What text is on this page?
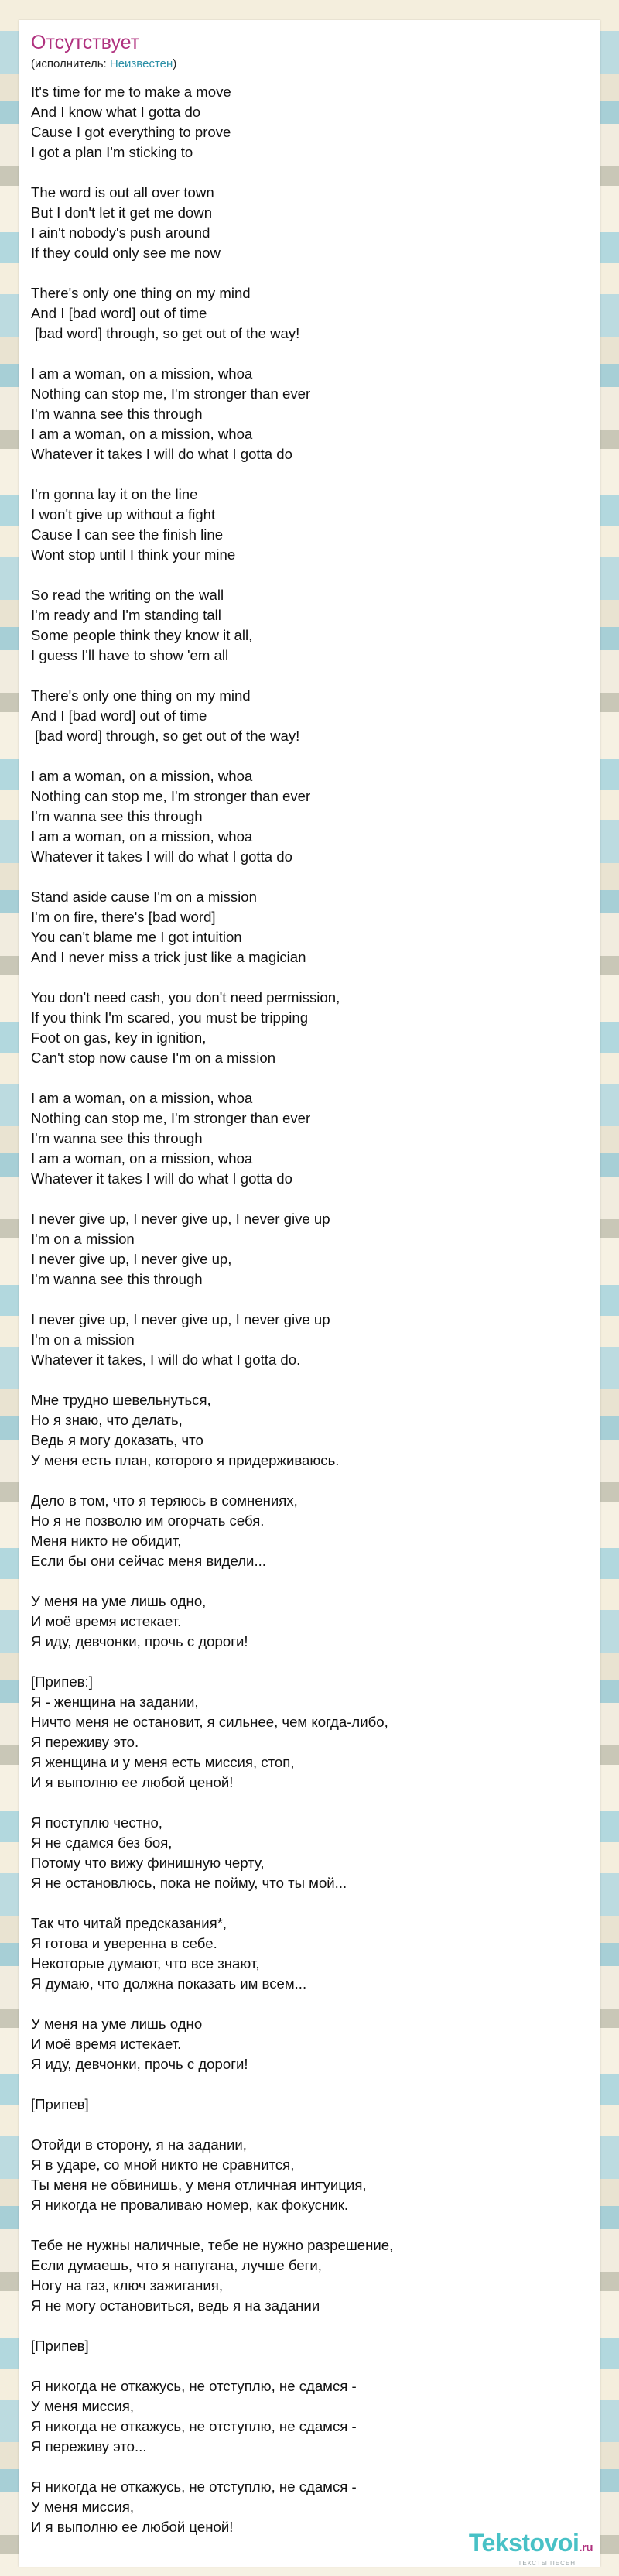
Отсутствует
(исполнитель: Неизвестен)
It's time for me to make a move
And I know what I gotta do
Cause I got everything to prove
I got a plan I'm sticking to
The word is out all over town
But I don't let it get me down
I ain't nobody's push around
If they could only see me now
There's only one thing on my mind
And I [bad word] out of time
[bad word] through, so get out of the way!
I am a woman, on a mission, whoa
Nothing can stop me, I'm stronger than ever
I'm wanna see this through
I am a woman, on a mission, whoa
Whatever it takes I will do what I gotta do
I'm gonna lay it on the line
I won't give up without a fight
Cause I can see the finish line
Wont stop until I think your mine
So read the writing on the wall
I'm ready and I'm standing tall
Some people think they know it all,
I guess I'll have to show 'em all
There's only one thing on my mind
And I [bad word] out of time
[bad word] through, so get out of the way!
I am a woman, on a mission, whoa
Nothing can stop me, I'm stronger than ever
I'm wanna see this through
I am a woman, on a mission, whoa
Whatever it takes I will do what I gotta do
Stand aside cause I'm on a mission
I'm on fire, there's [bad word]
You can't blame me I got intuition
And I never miss a trick just like a magician
You don't need cash, you don't need permission,
If you think I'm scared, you must be tripping
Foot on gas, key in ignition,
Can't stop now cause I'm on a mission
I am a woman, on a mission, whoa
Nothing can stop me, I'm stronger than ever
I'm wanna see this through
I am a woman, on a mission, whoa
Whatever it takes I will do what I gotta do
I never give up, I never give up, I never give up
I'm on a mission
I never give up, I never give up,
I'm wanna see this through
I never give up, I never give up, I never give up
I'm on a mission
Whatever it takes, I will do what I gotta do.
Мне трудно шевельнуться,
Но я знаю, что делать,
Ведь я могу доказать, что
У меня есть план, которого я придерживаюсь.
Дело в том, что я теряюсь в сомнениях,
Но я не позволю им огорчать себя.
Меня никто не обидит,
Если бы они сейчас меня видели...
У меня на уме лишь одно,
И моё время истекает.
Я иду, девчонки, прочь с дороги!
[Припев:]
Я - женщина на задании,
Ничто меня не остановит, я сильнее, чем когда-либо,
Я переживу это.
Я женщина и у меня есть миссия, стоп,
И я выполню ее любой ценой!
Я поступлю честно,
Я не сдамся без боя,
Потому что вижу финишную черту,
Я не остановлюсь, пока не пойму, что ты мой...
Так что читай предсказания*,
Я готова и уверенна в себе.
Некоторые думают, что все знают,
Я думаю, что должна показать им всем...
У меня на уме лишь одно
И моё время истекает.
Я иду, девчонки, прочь с дороги!
[Припев]
Отойди в сторону, я на задании,
Я в ударе, со мной никто не сравнится,
Ты меня не обвинишь, у меня отличная интуиция,
Я никогда не проваливаю номер, как фокусник.
Тебе не нужны наличные, тебе не нужно разрешение,
Если думаешь, что я напугана, лучше беги,
Ногу на газ, ключ зажигания,
Я не могу остановиться, ведь я на задании
[Припев]
Я никогда не откажусь, не отступлю, не сдамся -
У меня миссия,
Я никогда не откажусь, не отступлю, не сдамся -
Я переживу это...
Я никогда не откажусь, не отступлю, не сдамся -
У меня миссия,
И я выполню ее любой ценой!
Tekstovoi.ru
ТЕКСТЫ ПЕСЕН
